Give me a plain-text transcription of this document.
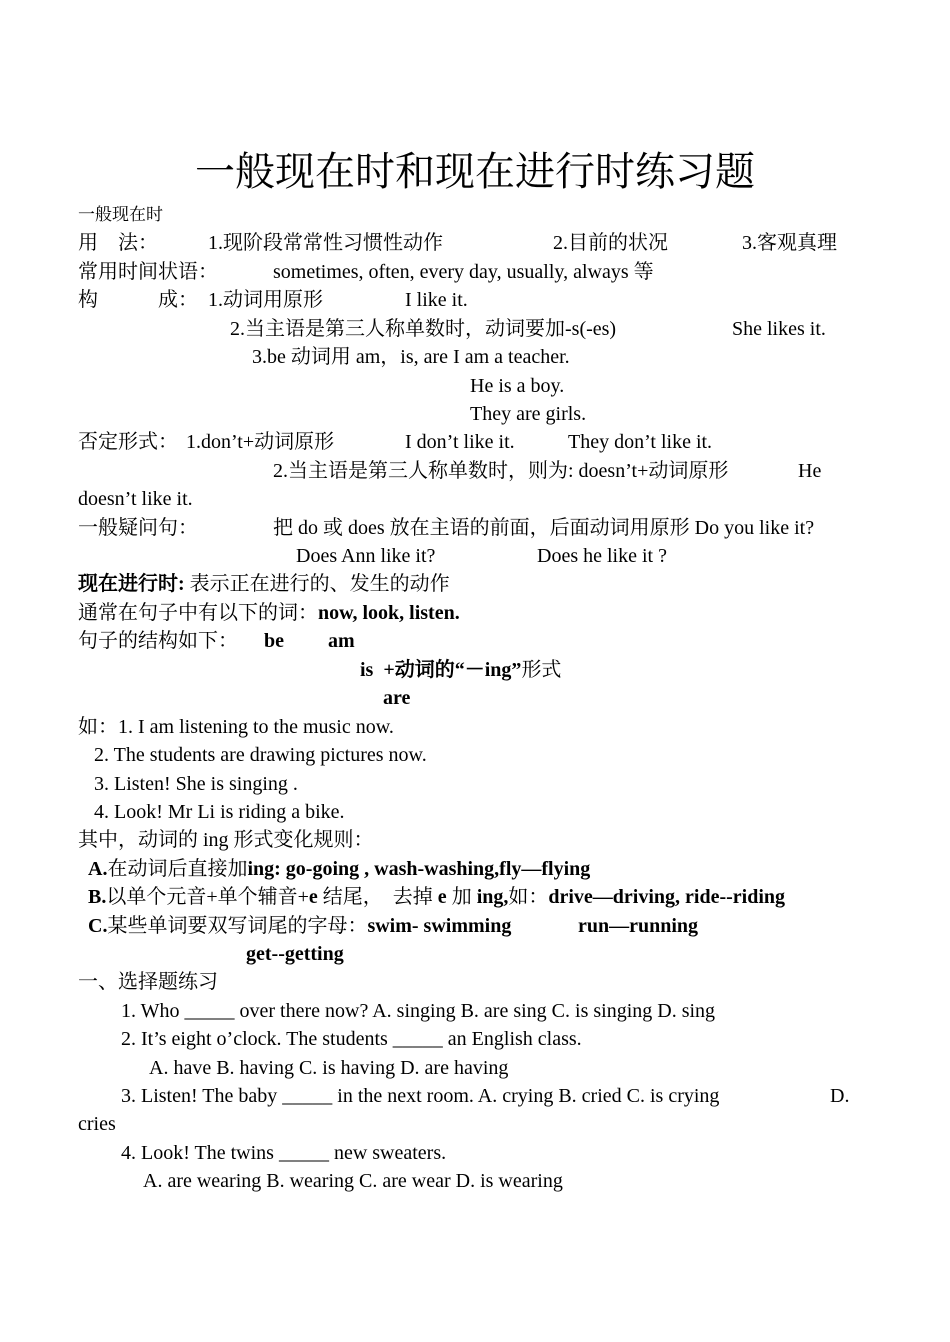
一般现在时和现在进行时练习题
一般现在时
用　法：	1.现阶段常常性习惯性动作	2.目前的状况	3.客观真理
常用时间状语：	sometimes, often, every day, usually, always 等
构　　　成： 1.动词用原形	I like it.
2.当主语是第三人称单数时，动词要加-s(-es)	She likes it.
3.be 动词用 am，is, are I am a teacher.
He is a boy.
They are girls.
否定形式： 1.don’t+动词原形	I don’t like it.	They don’t like it.
2.当主语是第三人称单数时，则为: doesn’t+动词原形	He
doesn’t like it.
一般疑问句：	把 do 或 does 放在主语的前面，后面动词用原形 Do you like it?
Does Ann like it?	Does he like it ?
现在进行时: 表示正在进行的、发生的动作
通常在句子中有以下的词：now, look, listen.
句子的结构如下： be am
is +动词的“－ing”形式
are
如：1. I am listening to the music now.
2. The students are drawing pictures now.
3. Listen! She is singing .
4. Look! Mr Li is riding a bike.
其中，动词的 ing 形式变化规则：
A.在动词后直接加ing: go-going , wash-washing,fly—flying
B.以单个元音+单个辅音+e 结尾，　去掉 e 加 ing,如：drive—driving, ride--riding
C.某些单词要双写词尾的字母：swim- swimming	run—running
get--getting
一、选择题练习
1. Who _____ over there now? A. singing B. are sing C. is singing D. sing
2. It’s eight o’clock. The students _____ an English class.
A. have B. having C. is having D. are having
3. Listen! The baby _____ in the next room. A. crying B. cried C. is crying	D.
cries
4. Look! The twins _____ new sweaters.
A. are wearing B. wearing C. are wear D. is wearing
